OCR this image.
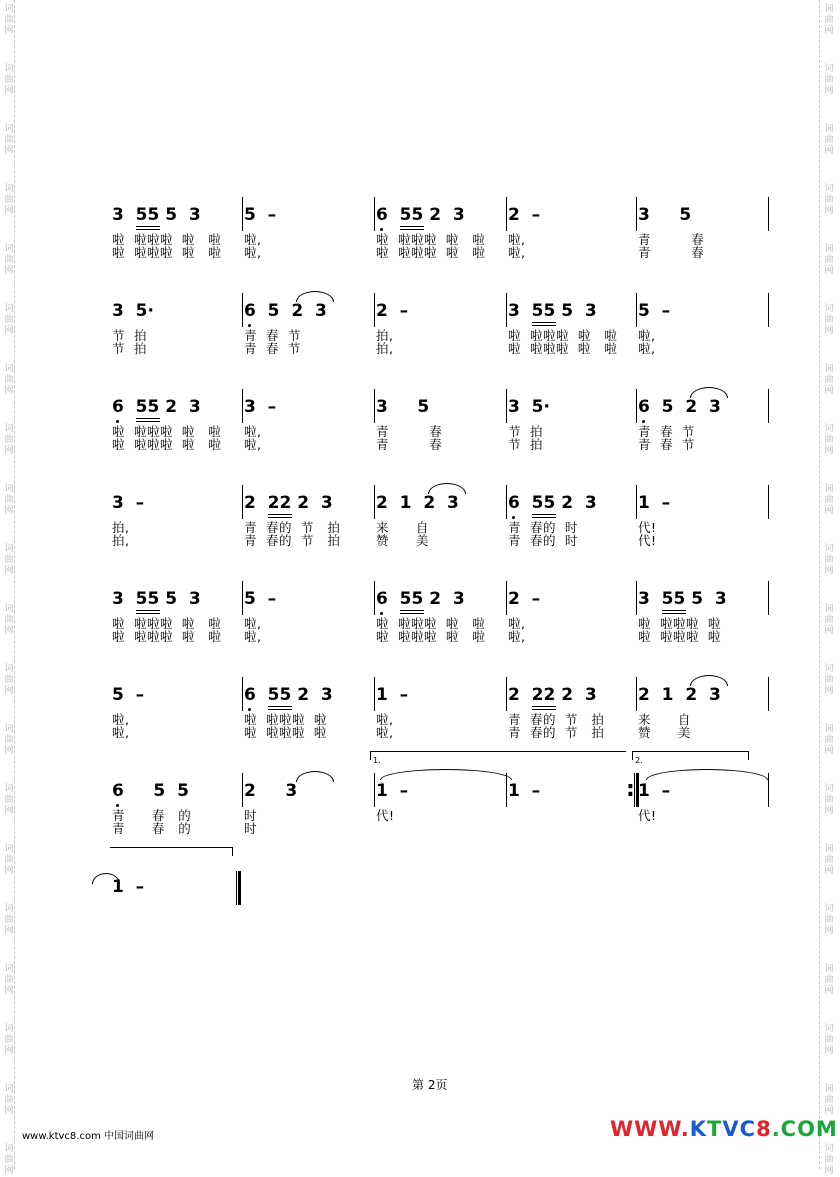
词
曲
网
词
曲
网
词
曲
网
词
曲
网
词
曲
网
词
曲
网
词
曲
网
词
曲
网
词
曲
网
词
曲
网
词
曲
网
词
曲
网
词
曲
网
词
曲
网
词
曲
网
词
曲
网
词
曲
网
词
曲
网
词
曲
网
词
曲
网
词
曲
网
词
曲
网
词
曲
网
词
曲
网
词
曲
网
词
曲
网
词
曲
网
词
曲
网
词
曲
网
词
曲
网
词
曲
网
词
曲
网
词
曲
网
词
曲
网
词
曲
网
词
曲
网
词
曲
网
词
曲
网
词
曲
网
词
曲
网
3  55 5  3
啦  啦啦啦  啦   啦
啦  啦啦啦  啦   啦
5  –
啦,
啦,
6  55 2  3
啦  啦啦啦  啦   啦
啦  啦啦啦  啦   啦
2  –
啦,
啦,
3     5
青         春
青         春
3  5·
节  拍
节  拍
6  5  2  3
青  春  节
青  春  节
2  –
拍,
拍,
3  55 5  3
啦  啦啦啦  啦   啦
啦  啦啦啦  啦   啦
5  –
啦,
啦,
6  55 2  3
啦  啦啦啦  啦   啦
啦  啦啦啦  啦   啦
3  –
啦,
啦,
3     5
青         春
青         春
3  5·
节  拍
节  拍
6  5  2  3
青  春  节
青  春  节
3  –
拍,
拍,
2  22 2  3
青  春的  节   拍
青  春的  节   拍
2  1  2  3
来      自
赞      美
6  55 2  3
青  春的  时
青  春的  时
1  –
代!
代!
3  55 5  3
啦  啦啦啦  啦   啦
啦  啦啦啦  啦   啦
5  –
啦,
啦,
6  55 2  3
啦  啦啦啦  啦   啦
啦  啦啦啦  啦   啦
2  –
啦,
啦,
3  55 5  3
啦  啦啦啦  啦
啦  啦啦啦  啦
5  –
啦,
啦,
6  55 2  3
啦  啦啦啦  啦
啦  啦啦啦  啦
1  –
啦,
啦,
2  22 2  3
青  春的  节   拍
青  春的  节   拍
2  1  2  3
来      自
赞      美
6     5  5
青      春   的
青      春   的
2     3
时
时
1  –
代!
1  –	1  –
代!
:
1.	2.
1  –
第 2页
www.ktvc8.com 中国词曲网	WWW.KTVC8.COM
